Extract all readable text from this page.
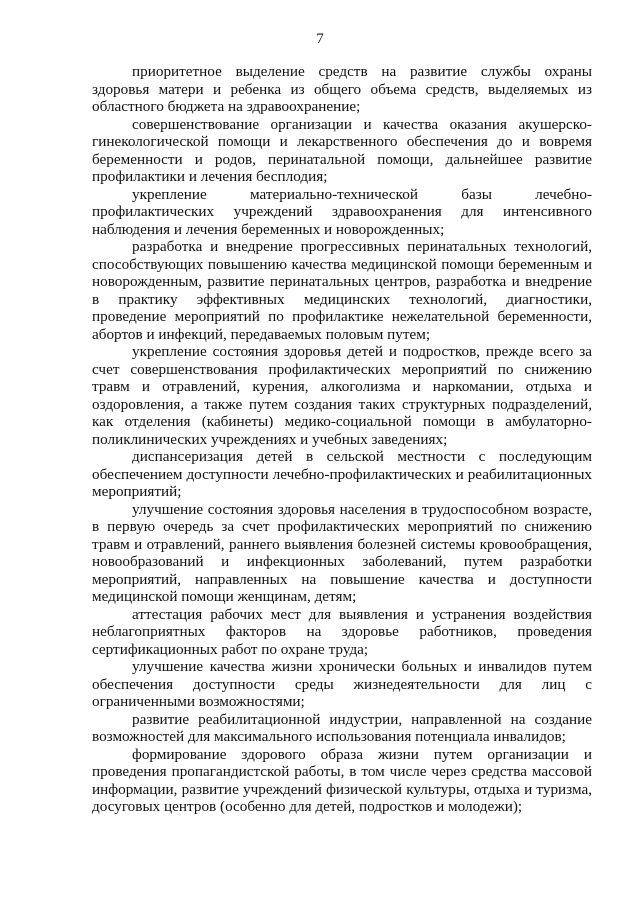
7

приоритетное выделение средств на развитие службы охраны здоровья матери и ребенка из общего объема средств, выделяемых из областного бюджета на здравоохранение;

совершенствование организации и качества оказания акушерско-гинекологической помощи и лекарственного обеспечения до и вовремя беременности и родов, перинатальной помощи, дальнейшее развитие профилактики и лечения бесплодия;

укрепление материально-технической базы лечебно-профилактических учреждений здравоохранения для интенсивного наблюдения и лечения беременных и новорожденных;

разработка и внедрение прогрессивных перинатальных технологий, способствующих повышению качества медицинской помощи беременным и новорожденным, развитие перинатальных центров, разработка и внедрение в практику эффективных медицинских технологий, диагностики, проведение мероприятий по профилактике нежелательной беременности, абортов и инфекций, передаваемых половым путем;

укрепление состояния здоровья детей и подростков, прежде всего за счет совершенствования профилактических мероприятий по снижению травм и отравлений, курения, алкоголизма и наркомании, отдыха и оздоровления, а также путем создания таких структурных подразделений, как отделения (кабинеты) медико-социальной помощи в амбулаторно-поликлинических учреждениях и учебных заведениях;

диспансеризация детей в сельской местности с последующим обеспечением доступности лечебно-профилактических и реабилитационных мероприятий;

улучшение состояния здоровья населения в трудоспособном возрасте, в первую очередь за счет профилактических мероприятий по снижению травм и отравлений, раннего выявления болезней системы кровообращения, новообразований и инфекционных заболеваний, путем разработки мероприятий, направленных на повышение качества и доступности медицинской помощи женщинам, детям;

аттестация рабочих мест для выявления и устранения воздействия неблагоприятных факторов на здоровье работников, проведения сертификационных работ по охране труда;

улучшение качества жизни хронически больных и инвалидов путем обеспечения доступности среды жизнедеятельности для лиц с ограниченными возможностями;

развитие реабилитационной индустрии, направленной на создание возможностей для максимального использования потенциала инвалидов;

формирование здорового образа жизни путем организации и проведения пропагандистской работы, в том числе через средства массовой информации, развитие учреждений физической культуры, отдыха и туризма, досуговых центров (особенно для детей, подростков и молодежи);
